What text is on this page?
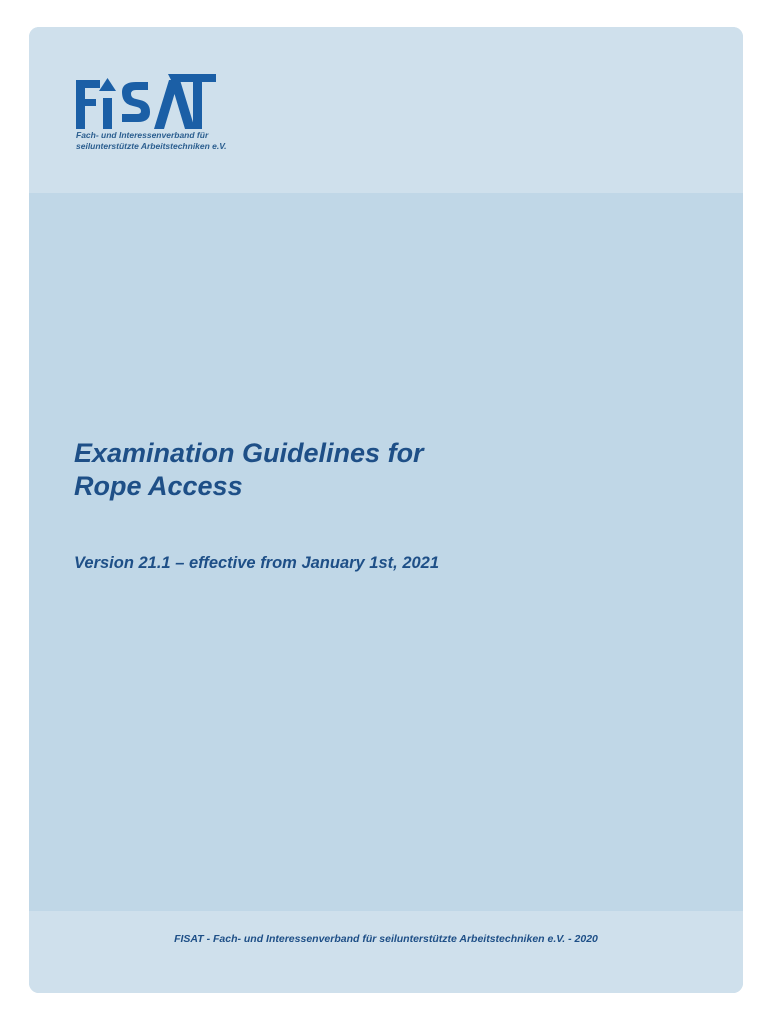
Fach- und Interessenverband für
seilunterstützte Arbeitstechniken e.V.
Examination Guidelines for
Rope Access
Version 21.1 – effective from January 1st, 2021
FISAT - Fach- und Interessenverband für seilunterstützte Arbeitstechniken e.V. - 2020
